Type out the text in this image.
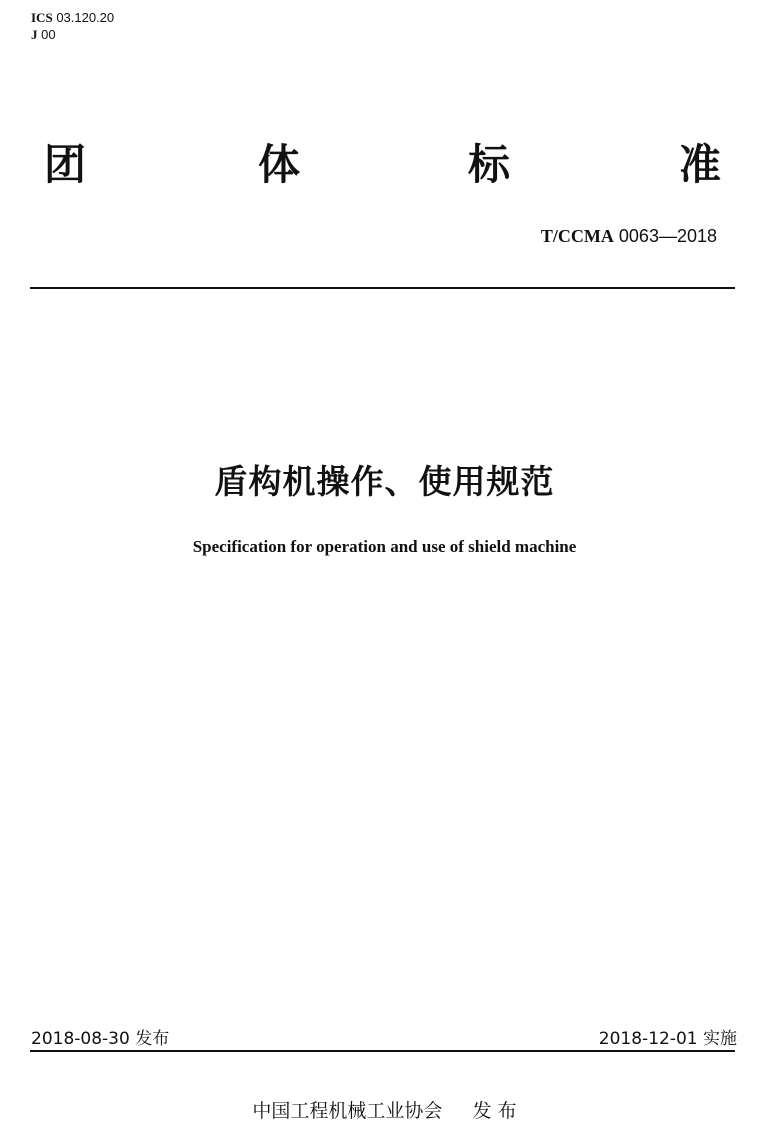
ICS 03.120.20
J 00
团	体	标	准
T/CCMA 0063—2018
盾构机操作、使用规范
Specification for operation and use of shield machine
2018-08-30 发布	2018-12-01 实施
中国工程机械工业协会 发 布
